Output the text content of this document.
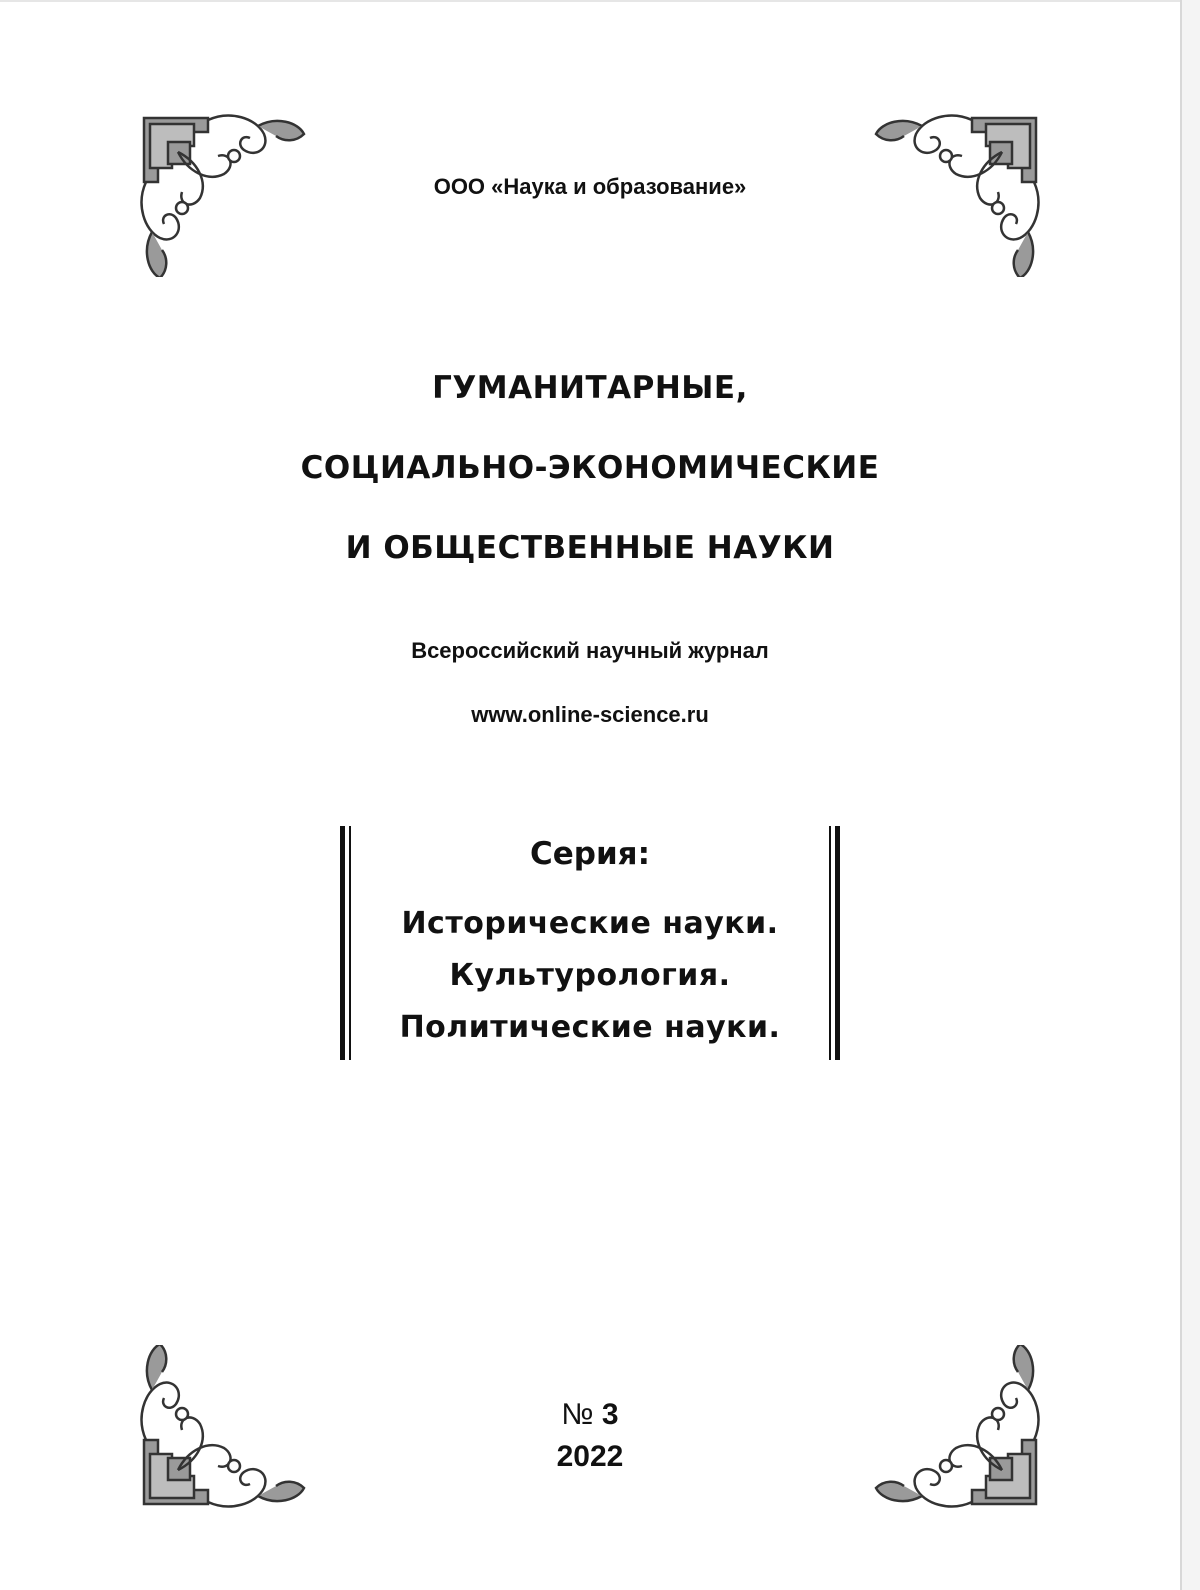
ООО «Наука и образование»
ГУМАНИТАРНЫЕ,
СОЦИАЛЬНО-ЭКОНОМИЧЕСКИЕ
И ОБЩЕСТВЕННЫЕ НАУКИ
Всероссийский научный журнал
www.online-science.ru
Серия:
Исторические науки.
Культурология.
Политические науки.
№ 3
2022
